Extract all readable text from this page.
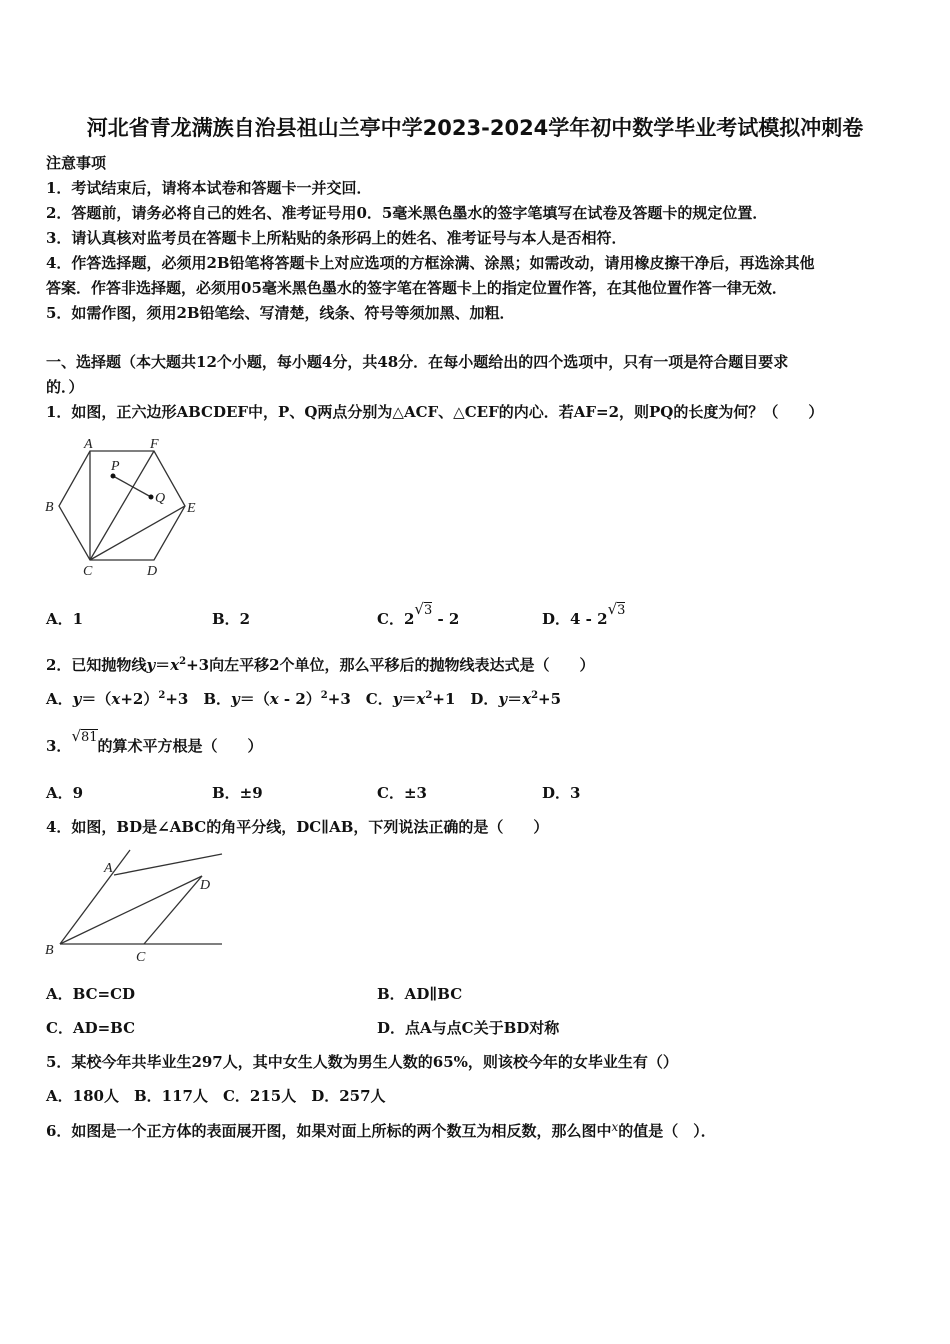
河北省青龙满族自治县祖山兰亭中学2023-2024学年初中数学毕业考试模拟冲刺卷
注意事项
1．考试结束后，请将本试卷和答题卡一并交回．
2．答题前，请务必将自己的姓名、准考证号用0．5毫米黑色墨水的签字笔填写在试卷及答题卡的规定位置．
3．请认真核对监考员在答题卡上所粘贴的条形码上的姓名、准考证号与本人是否相符．
4．作答选择题，必须用2B铅笔将答题卡上对应选项的方框涂满、涂黑；如需改动，请用橡皮擦干净后，再选涂其他
答案．作答非选择题，必须用05毫米黑色墨水的签字笔在答题卡上的指定位置作答，在其他位置作答一律无效．
5．如需作图，须用2B铅笔绘、写清楚，线条、符号等须加黑、加粗．
一、选择题（本大题共12个小题，每小题4分，共48分．在每小题给出的四个选项中，只有一项是符合题目要求
的．）
1．如图，正六边形ABCDEF中，P、Q两点分别为△ACF、△CEF的内心．若AF=2，则PQ的长度为何？（　　）
A	F
P
Q
B	E
C	D
A．1	B．2	C．2 √ 3 - 2	D．4 - 2 √ 3
2．已知抛物线$y=x^2+3$向左平移2个单位，那么平移后的抛物线表达式是（　　）
A．$y=(x+2)^2+3$　B．y＝（x - 2）$^2$+3　C．$y=x^2+1$　D．$y=x^2+5$
3． √ 81的算术平方根是（　　）
A．9	B．±9	C．±3	D．3
4．如图，BD是∠ABC的角平分线，DC∥AB，下列说法正确的是（　　）
A
D
B	C
A．BC=CD	B．AD∥BC
C．AD=BC	D．点A与点C关于BD对称
5．某校今年共毕业生297人，其中女生人数为男生人数的65%，则该校今年的女毕业生有（）
A．180人　B．117人　C．215人　D．257人
6．如图是一个正方体的表面展开图，如果对面上所标的两个数互为相反数，那么图中$^x$的值是（　）．
